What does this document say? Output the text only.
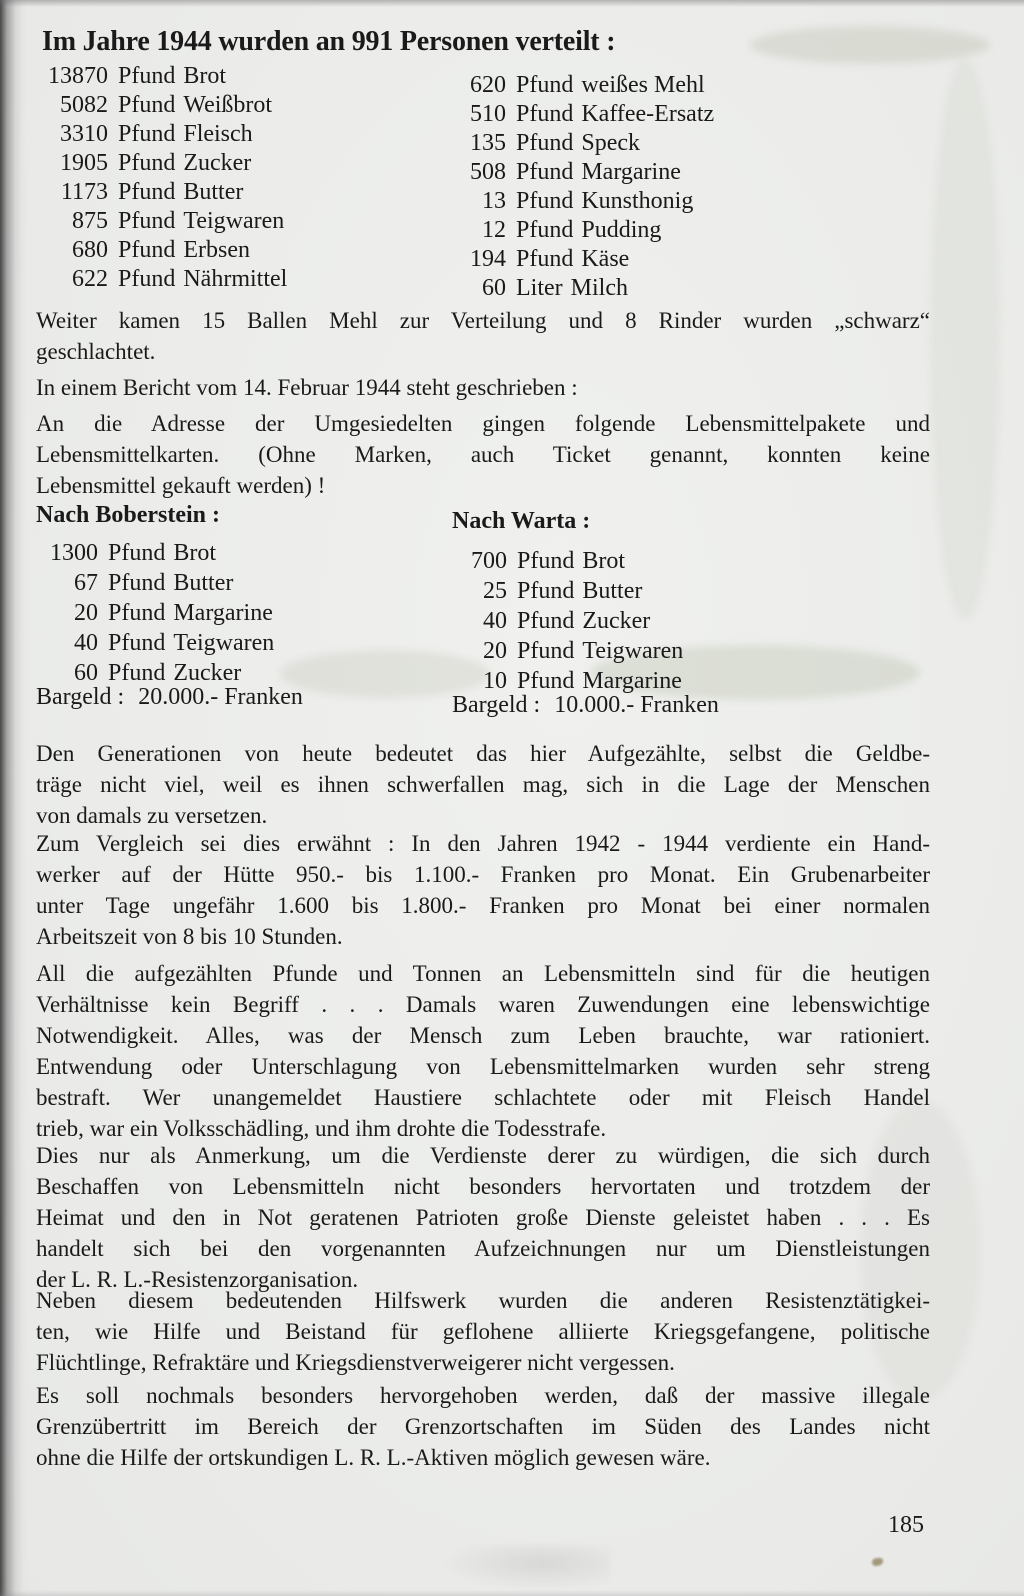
Im Jahre 1944 wurden an 991 Personen verteilt :
13870 Pfund Brot
5082 Pfund Weißbrot
3310 Pfund Fleisch
1905 Pfund Zucker
1173 Pfund Butter
875 Pfund Teigwaren
680 Pfund Erbsen
622 Pfund Nährmittel
620 Pfund weißes Mehl
510 Pfund Kaffee-Ersatz
135 Pfund Speck
508 Pfund Margarine
13 Pfund Kunsthonig
12 Pfund Pudding
194 Pfund Käse
60 Liter Milch
Weiter kamen 15 Ballen Mehl zur Verteilung und 8 Rinder wurden „schwarz“
geschlachtet.
In einem Bericht vom 14. Februar 1944 steht geschrieben :
An die Adresse der Umgesiedelten gingen folgende Lebensmittelpakete und
Lebensmittelkarten. (Ohne Marken, auch Ticket genannt, konnten keine
Lebensmittel gekauft werden) !
Nach Boberstein :	Nach Warta :
1300 Pfund Brot
67 Pfund Butter
20 Pfund Margarine
40 Pfund Teigwaren
60 Pfund Zucker
700 Pfund Brot
25 Pfund Butter
40 Pfund Zucker
20 Pfund Teigwaren
10 Pfund Margarine
Bargeld : 20.000.- Franken	Bargeld : 10.000.- Franken
Den Generationen von heute bedeutet das hier Aufgezählte, selbst die Geldbe-
träge nicht viel, weil es ihnen schwerfallen mag, sich in die Lage der Menschen
von damals zu versetzen.
Zum Vergleich sei dies erwähnt : In den Jahren 1942 - 1944 verdiente ein Hand-
werker auf der Hütte 950.- bis 1.100.- Franken pro Monat. Ein Grubenarbeiter
unter Tage ungefähr 1.600 bis 1.800.- Franken pro Monat bei einer normalen
Arbeitszeit von 8 bis 10 Stunden.
All die aufgezählten Pfunde und Tonnen an Lebensmitteln sind für die heutigen
Verhältnisse kein Begriff . . . Damals waren Zuwendungen eine lebenswichtige
Notwendigkeit. Alles, was der Mensch zum Leben brauchte, war rationiert.
Entwendung oder Unterschlagung von Lebensmittelmarken wurden sehr streng
bestraft. Wer unangemeldet Haustiere schlachtete oder mit Fleisch Handel
trieb, war ein Volksschädling, und ihm drohte die Todesstrafe.
Dies nur als Anmerkung, um die Verdienste derer zu würdigen, die sich durch
Beschaffen von Lebensmitteln nicht besonders hervortaten und trotzdem der
Heimat und den in Not geratenen Patrioten große Dienste geleistet haben . . . Es
handelt sich bei den vorgenannten Aufzeichnungen nur um Dienstleistungen
der L. R. L.-Resistenzorganisation.
Neben diesem bedeutenden Hilfswerk wurden die anderen Resistenztätigkei-
ten, wie Hilfe und Beistand für geflohene alliierte Kriegsgefangene, politische
Flüchtlinge, Refraktäre und Kriegsdienstverweigerer nicht vergessen.
Es soll nochmals besonders hervorgehoben werden, daß der massive illegale
Grenzübertritt im Bereich der Grenzortschaften im Süden des Landes nicht
ohne die Hilfe der ortskundigen L. R. L.-Aktiven möglich gewesen wäre.
185
